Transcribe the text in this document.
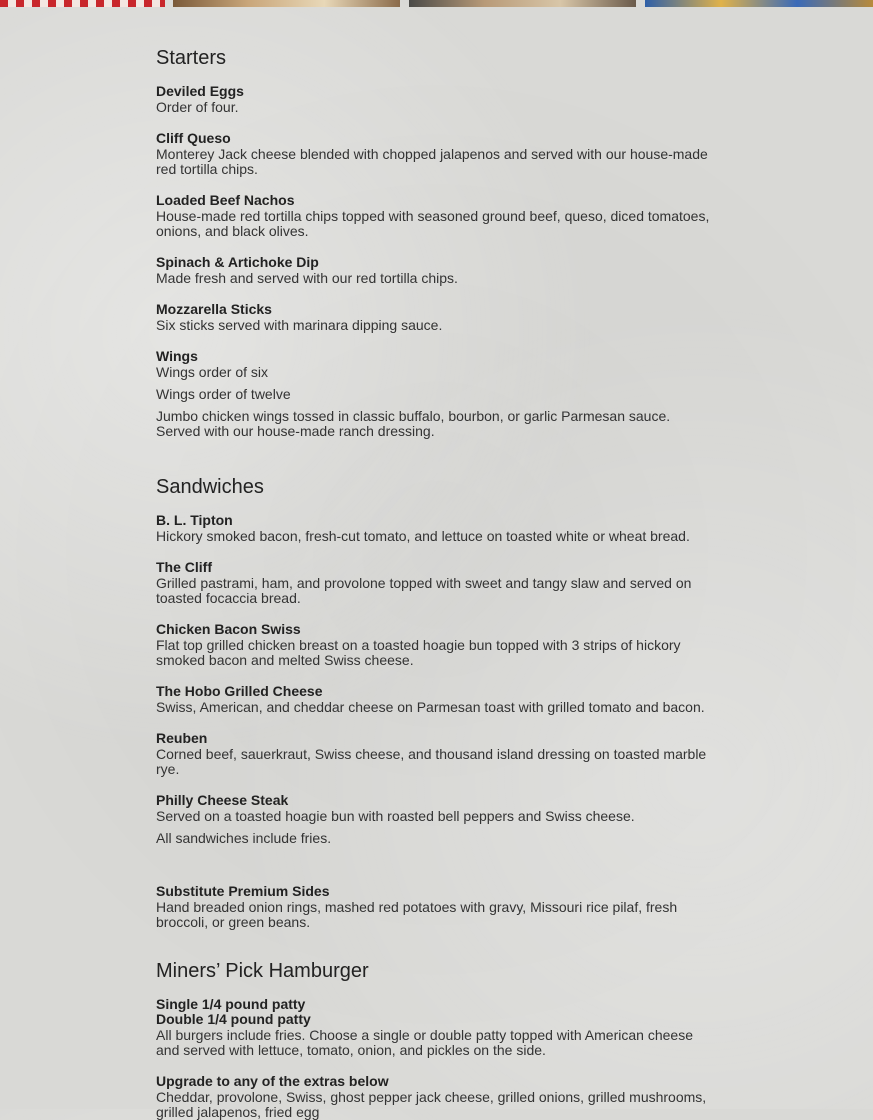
Starters
Deviled Eggs
Order of four.
Cliff Queso
Monterey Jack cheese blended with chopped jalapenos and served with our house-made red tortilla chips.
Loaded Beef Nachos
House-made red tortilla chips topped with seasoned ground beef, queso, diced tomatoes, onions, and black olives.
Spinach & Artichoke Dip
Made fresh and served with our red tortilla chips.
Mozzarella Sticks
Six sticks served with marinara dipping sauce.
Wings
Wings order of six
Wings order of twelve
Jumbo chicken wings tossed in classic buffalo, bourbon, or garlic Parmesan sauce. Served with our house-made ranch dressing.
Sandwiches
B. L. Tipton
Hickory smoked bacon, fresh-cut tomato, and lettuce on toasted white or wheat bread.
The Cliff
Grilled pastrami, ham, and provolone topped with sweet and tangy slaw and served on toasted focaccia bread.
Chicken Bacon Swiss
Flat top grilled chicken breast on a toasted hoagie bun topped with 3 strips of hickory smoked bacon and melted Swiss cheese.
The Hobo Grilled Cheese
Swiss, American, and cheddar cheese on Parmesan toast with grilled tomato and bacon.
Reuben
Corned beef, sauerkraut, Swiss cheese, and thousand island dressing on toasted marble rye.
Philly Cheese Steak
Served on a toasted hoagie bun with roasted bell peppers and Swiss cheese.
All sandwiches include fries.
Substitute Premium Sides
Hand breaded onion rings, mashed red potatoes with gravy, Missouri rice pilaf, fresh broccoli, or green beans.
Miners’ Pick Hamburger
Single 1/4 pound patty
Double 1/4 pound patty
All burgers include fries. Choose a single or double patty topped with American cheese and served with lettuce, tomato, onion, and pickles on the side.
Upgrade to any of the extras below
Cheddar, provolone, Swiss, ghost pepper jack cheese, grilled onions, grilled mushrooms, grilled jalapenos, fried egg
